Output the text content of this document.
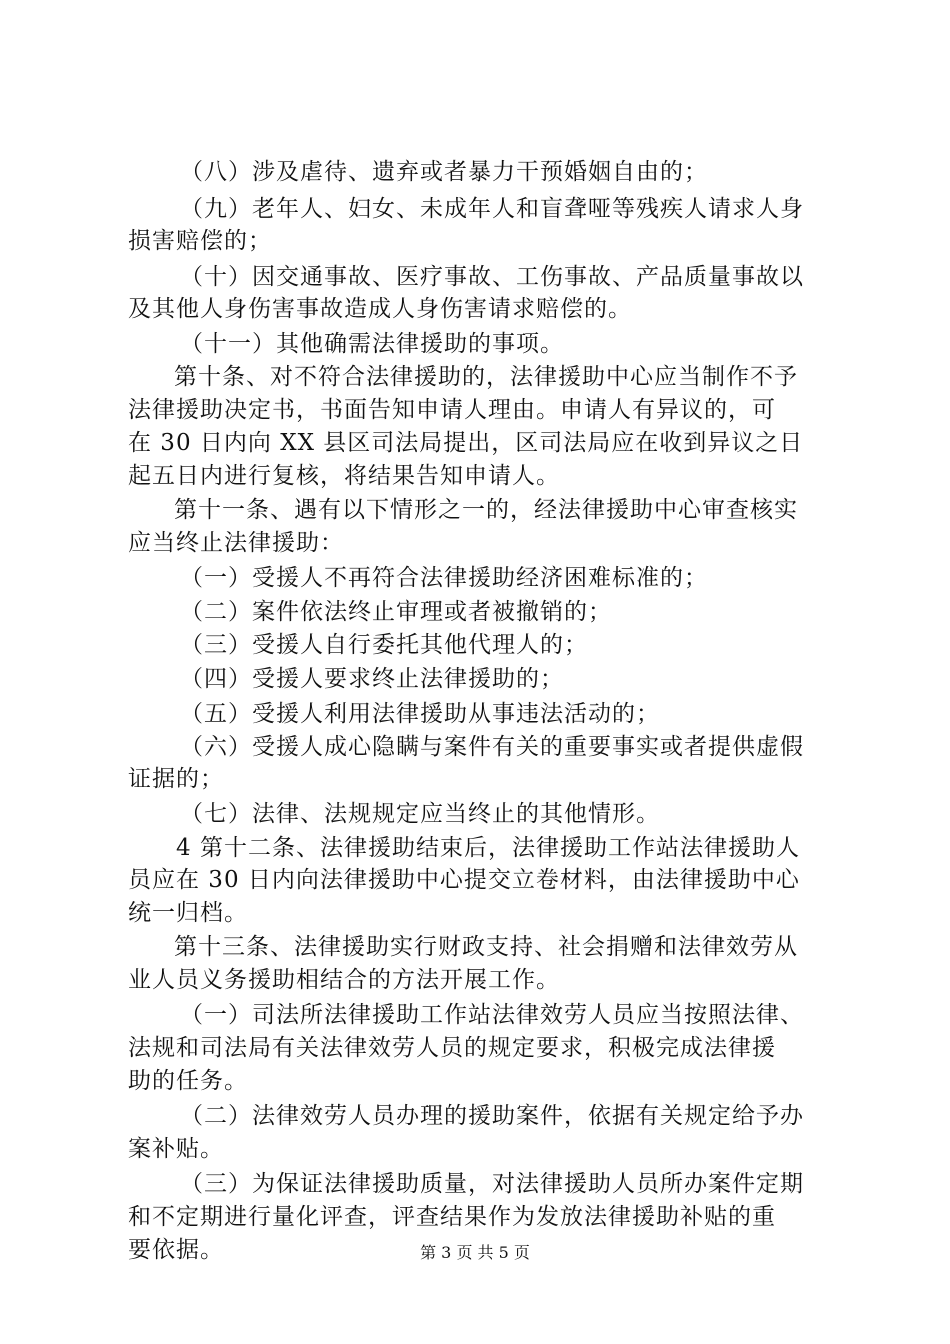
（八）涉及虐待、遗弃或者暴力干预婚姻自由的；
（九）老年人、妇女、未成年人和盲聋哑等残疾人请求人身
损害赔偿的；
（十）因交通事故、医疗事故、工伤事故、产品质量事故以
及其他人身伤害事故造成人身伤害请求赔偿的。
（十一）其他确需法律援助的事项。
第十条、对不符合法律援助的，法律援助中心应当制作不予
法律援助决定书，书面告知申请人理由。申请人有异议的，可
在 30 日内向 XX 县区司法局提出，区司法局应在收到异议之日
起五日内进行复核，将结果告知申请人。
第十一条、遇有以下情形之一的，经法律援助中心审查核实
应当终止法律援助：
（一）受援人不再符合法律援助经济困难标准的；
（二）案件依法终止审理或者被撤销的；
（三）受援人自行委托其他代理人的；
（四）受援人要求终止法律援助的；
（五）受援人利用法律援助从事违法活动的；
（六）受援人成心隐瞒与案件有关的重要事实或者提供虚假
证据的；
（七）法律、法规规定应当终止的其他情形。
4 第十二条、法律援助结束后，法律援助工作站法律援助人
员应在 30 日内向法律援助中心提交立卷材料，由法律援助中心
统一归档。
第十三条、法律援助实行财政支持、社会捐赠和法律效劳从
业人员义务援助相结合的方法开展工作。
（一）司法所法律援助工作站法律效劳人员应当按照法律、
法规和司法局有关法律效劳人员的规定要求，积极完成法律援
助的任务。
（二）法律效劳人员办理的援助案件，依据有关规定给予办
案补贴。
（三）为保证法律援助质量，对法律援助人员所办案件定期
和不定期进行量化评查，评查结果作为发放法律援助补贴的重
要依据。	第 3 页 共 5 页
